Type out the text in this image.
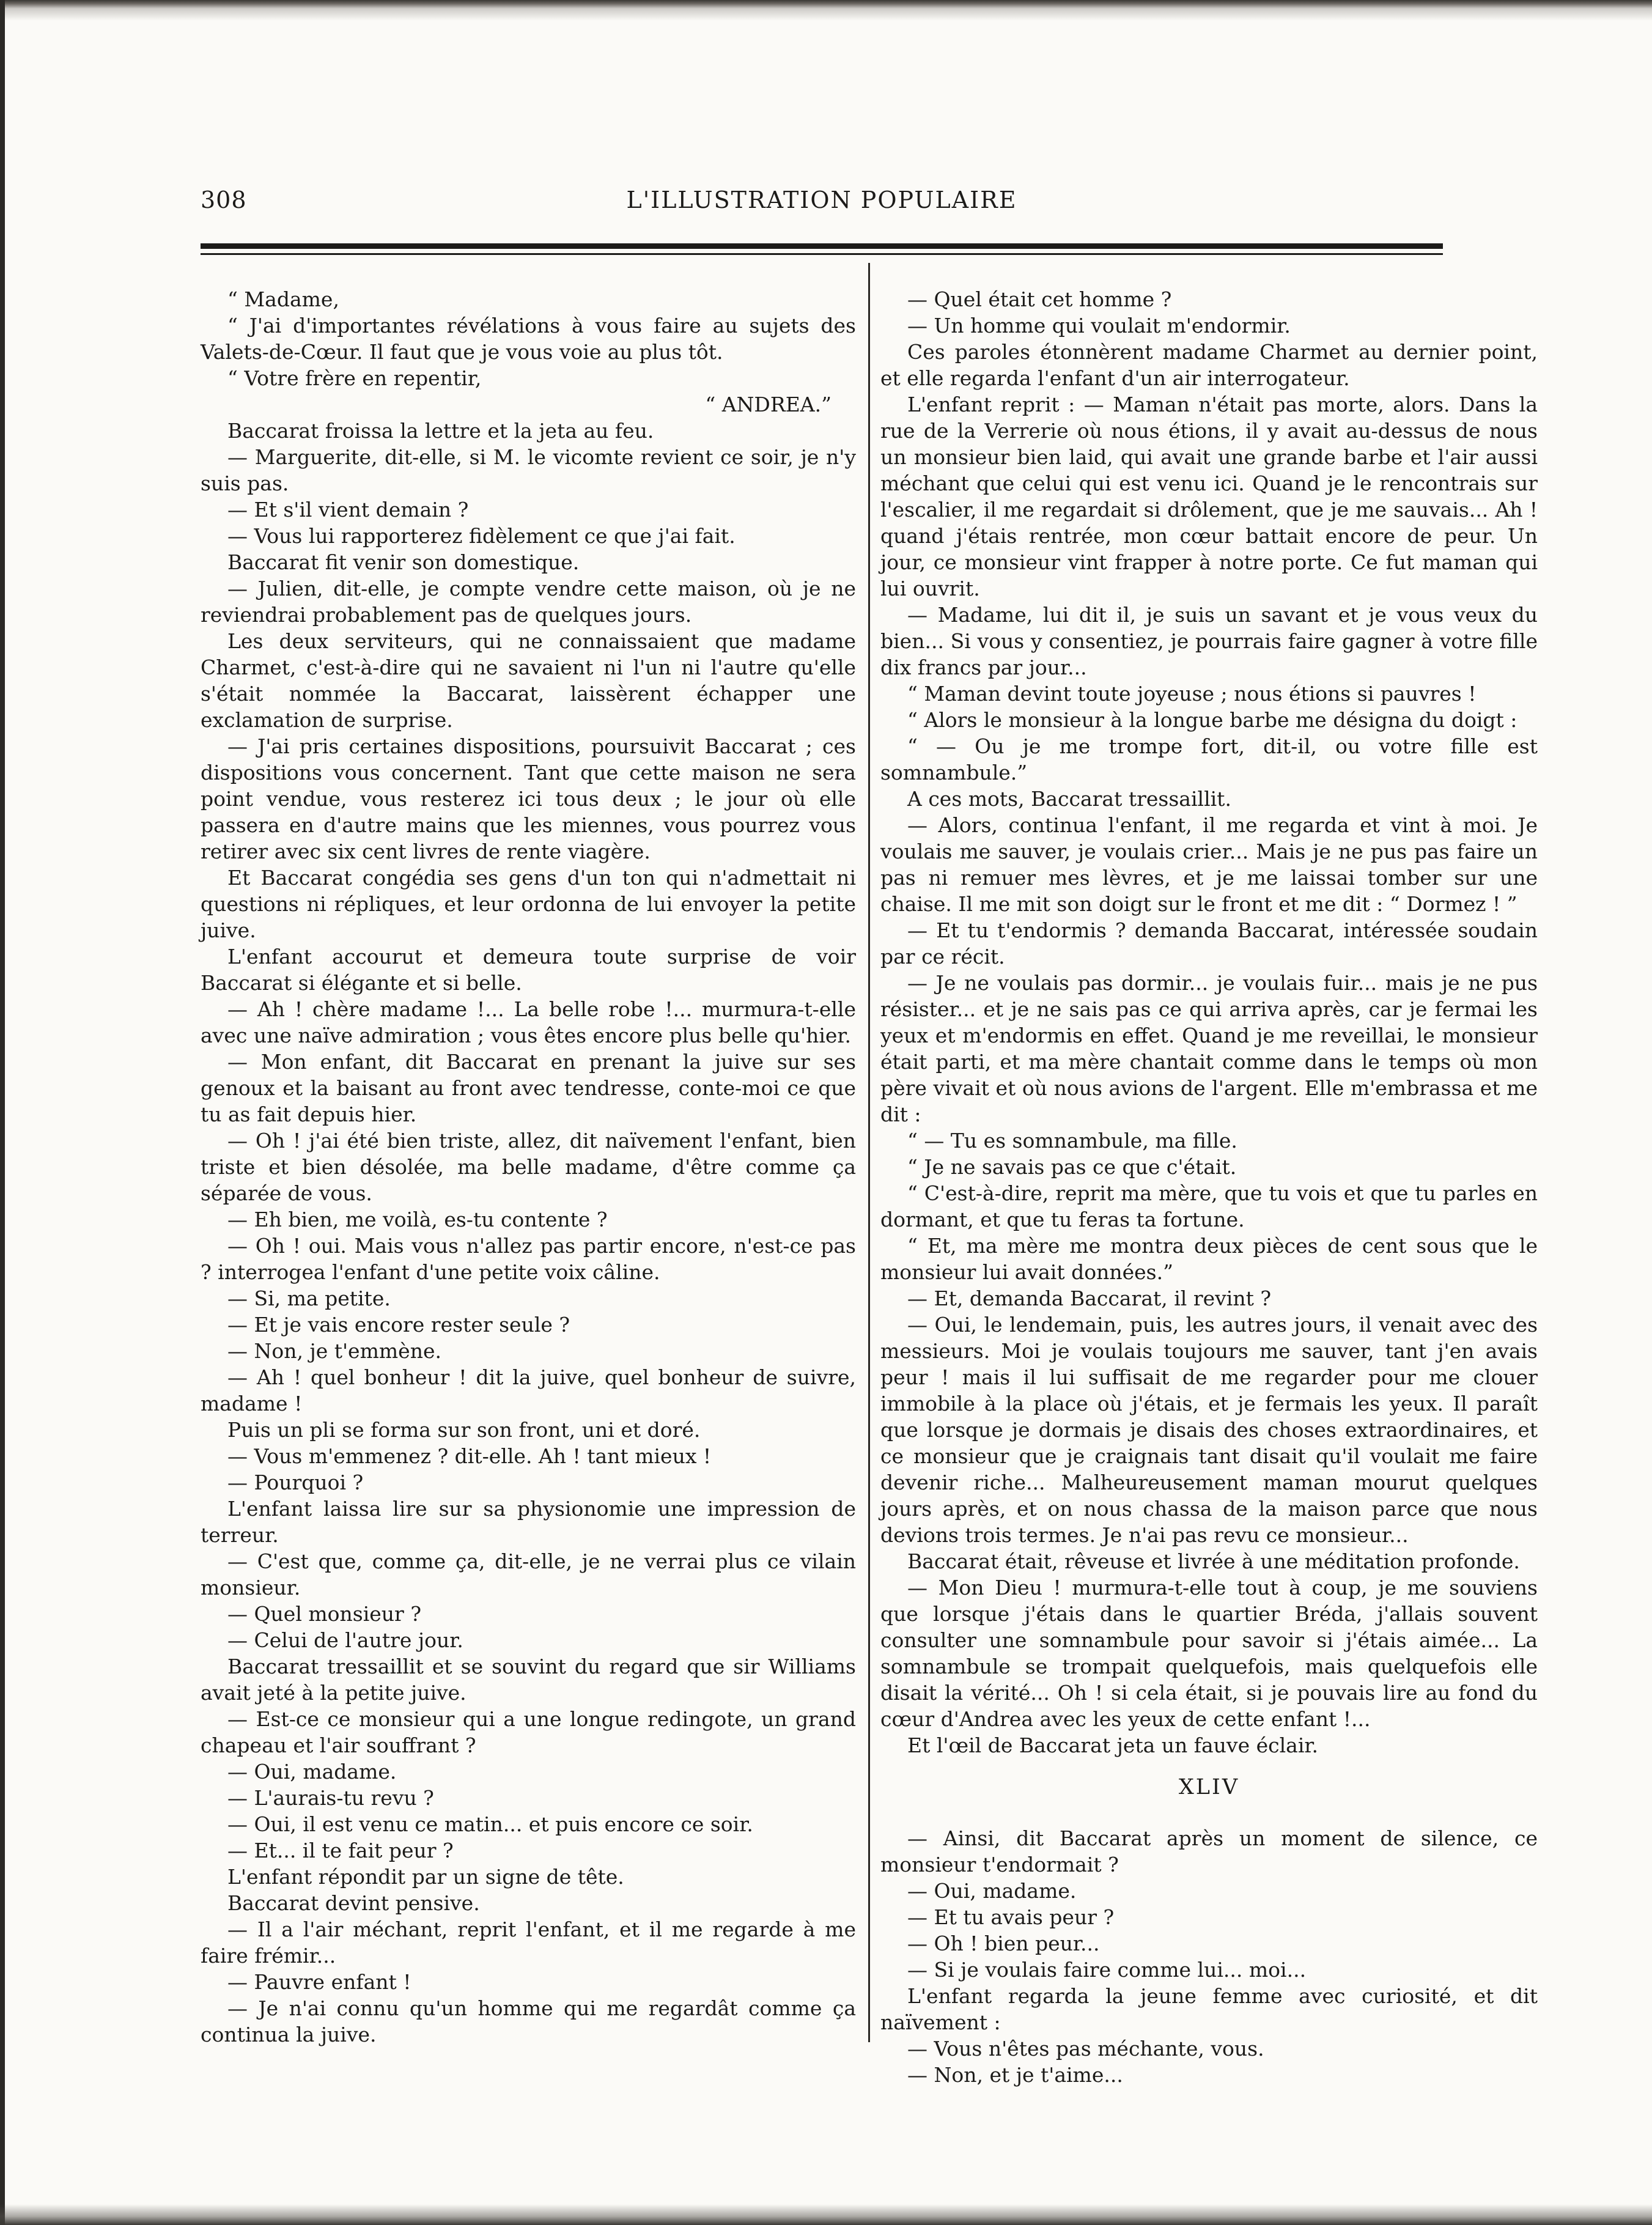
308	L'ILLUSTRATION POPULAIRE

“ Madame,

“ J'ai d'importantes révélations à vous faire au sujets des Valets-de-Cœur. Il faut que je vous voie au plus tôt.

“ Votre frère en repentir,

“ ANDREA.”

Baccarat froissa la lettre et la jeta au feu.

— Marguerite, dit-elle, si M. le vicomte revient ce soir, je n'y suis pas.

— Et s'il vient demain ?

— Vous lui rapporterez fidèlement ce que j'ai fait.

Baccarat fit venir son domestique.

— Julien, dit-elle, je compte vendre cette maison, où je ne reviendrai probablement pas de quelques jours.

Les deux serviteurs, qui ne connaissaient que madame Charmet, c'est-à-dire qui ne savaient ni l'un ni l'autre qu'elle s'était nommée la Baccarat, laissèrent échapper une exclamation de surprise.

— J'ai pris certaines dispositions, poursuivit Baccarat ; ces dispositions vous concernent. Tant que cette maison ne sera point vendue, vous resterez ici tous deux ; le jour où elle passera en d'autre mains que les miennes, vous pourrez vous retirer avec six cent livres de rente viagère.

Et Baccarat congédia ses gens d'un ton qui n'admettait ni questions ni répliques, et leur ordonna de lui envoyer la petite juive.

L'enfant accourut et demeura toute surprise de voir Baccarat si élégante et si belle.

— Ah ! chère madame !... La belle robe !... murmura-t-elle avec une naïve admiration ; vous êtes encore plus belle qu'hier.

— Mon enfant, dit Baccarat en prenant la juive sur ses genoux et la baisant au front avec tendresse, conte-moi ce que tu as fait depuis hier.

— Oh ! j'ai été bien triste, allez, dit naïvement l'enfant, bien triste et bien désolée, ma belle madame, d'être comme ça séparée de vous.

— Eh bien, me voilà, es-tu contente ?

— Oh ! oui. Mais vous n'allez pas partir encore, n'est-ce pas ? interrogea l'enfant d'une petite voix câline.

— Si, ma petite.

— Et je vais encore rester seule ?

— Non, je t'emmène.

— Ah ! quel bonheur ! dit la juive, quel bonheur de suivre, madame !

Puis un pli se forma sur son front, uni et doré.

— Vous m'emmenez ? dit-elle. Ah ! tant mieux !

— Pourquoi ?

L'enfant laissa lire sur sa physionomie une impression de terreur.

— C'est que, comme ça, dit-elle, je ne verrai plus ce vilain monsieur.

— Quel monsieur ?

— Celui de l'autre jour.

Baccarat tressaillit et se souvint du regard que sir Williams avait jeté à la petite juive.

— Est-ce ce monsieur qui a une longue redingote, un grand chapeau et l'air souffrant ?

— Oui, madame.

— L'aurais-tu revu ?

— Oui, il est venu ce matin... et puis encore ce soir.

— Et... il te fait peur ?

L'enfant répondit par un signe de tête.

Baccarat devint pensive.

— Il a l'air méchant, reprit l'enfant, et il me regarde à me faire frémir...

— Pauvre enfant !

— Je n'ai connu qu'un homme qui me regardât comme ça continua la juive.

— Quel était cet homme ?

— Un homme qui voulait m'endormir.

Ces paroles étonnèrent madame Charmet au dernier point, et elle regarda l'enfant d'un air interrogateur.

L'enfant reprit : — Maman n'était pas morte, alors. Dans la rue de la Verrerie où nous étions, il y avait au-dessus de nous un monsieur bien laid, qui avait une grande barbe et l'air aussi méchant que celui qui est venu ici. Quand je le rencontrais sur l'escalier, il me regardait si drôlement, que je me sauvais... Ah ! quand j'étais rentrée, mon cœur battait encore de peur. Un jour, ce monsieur vint frapper à notre porte. Ce fut maman qui lui ouvrit.

— Madame, lui dit il, je suis un savant et je vous veux du bien... Si vous y consentiez, je pourrais faire gagner à votre fille dix francs par jour...

“ Maman devint toute joyeuse ; nous étions si pauvres !

“ Alors le monsieur à la longue barbe me désigna du doigt :

“ — Ou je me trompe fort, dit-il, ou votre fille est somnambule.”

A ces mots, Baccarat tressaillit.

— Alors, continua l'enfant, il me regarda et vint à moi. Je voulais me sauver, je voulais crier... Mais je ne pus pas faire un pas ni remuer mes lèvres, et je me laissai tomber sur une chaise. Il me mit son doigt sur le front et me dit : “ Dormez ! ”

— Et tu t'endormis ? demanda Baccarat, intéressée soudain par ce récit.

— Je ne voulais pas dormir... je voulais fuir... mais je ne pus résister... et je ne sais pas ce qui arriva après, car je fermai les yeux et m'endormis en effet. Quand je me reveillai, le monsieur était parti, et ma mère chantait comme dans le temps où mon père vivait et où nous avions de l'argent. Elle m'embrassa et me dit :

“ — Tu es somnambule, ma fille.

“ Je ne savais pas ce que c'était.

“ C'est-à-dire, reprit ma mère, que tu vois et que tu parles en dormant, et que tu feras ta fortune.

“ Et, ma mère me montra deux pièces de cent sous que le monsieur lui avait données.”

— Et, demanda Baccarat, il revint ?

— Oui, le lendemain, puis, les autres jours, il venait avec des messieurs. Moi je voulais toujours me sauver, tant j'en avais peur ! mais il lui suffisait de me regarder pour me clouer immobile à la place où j'étais, et je fermais les yeux. Il paraît que lorsque je dormais je disais des choses extraordinaires, et ce monsieur que je craignais tant disait qu'il voulait me faire devenir riche... Malheureusement maman mourut quelques jours après, et on nous chassa de la maison parce que nous devions trois termes. Je n'ai pas revu ce monsieur...

Baccarat était, rêveuse et livrée à une méditation profonde.

— Mon Dieu ! murmura-t-elle tout à coup, je me souviens que lorsque j'étais dans le quartier Bréda, j'allais souvent consulter une somnambule pour savoir si j'étais aimée... La somnambule se trompait quelquefois, mais quelquefois elle disait la vérité... Oh ! si cela était, si je pouvais lire au fond du cœur d'Andrea avec les yeux de cette enfant !...

Et l'œil de Baccarat jeta un fauve éclair.

XLIV

— Ainsi, dit Baccarat après un moment de silence, ce monsieur t'endormait ?

— Oui, madame.

— Et tu avais peur ?

— Oh ! bien peur...

— Si je voulais faire comme lui... moi...

L'enfant regarda la jeune femme avec curiosité, et dit naïvement :

— Vous n'êtes pas méchante, vous.

— Non, et je t'aime...
